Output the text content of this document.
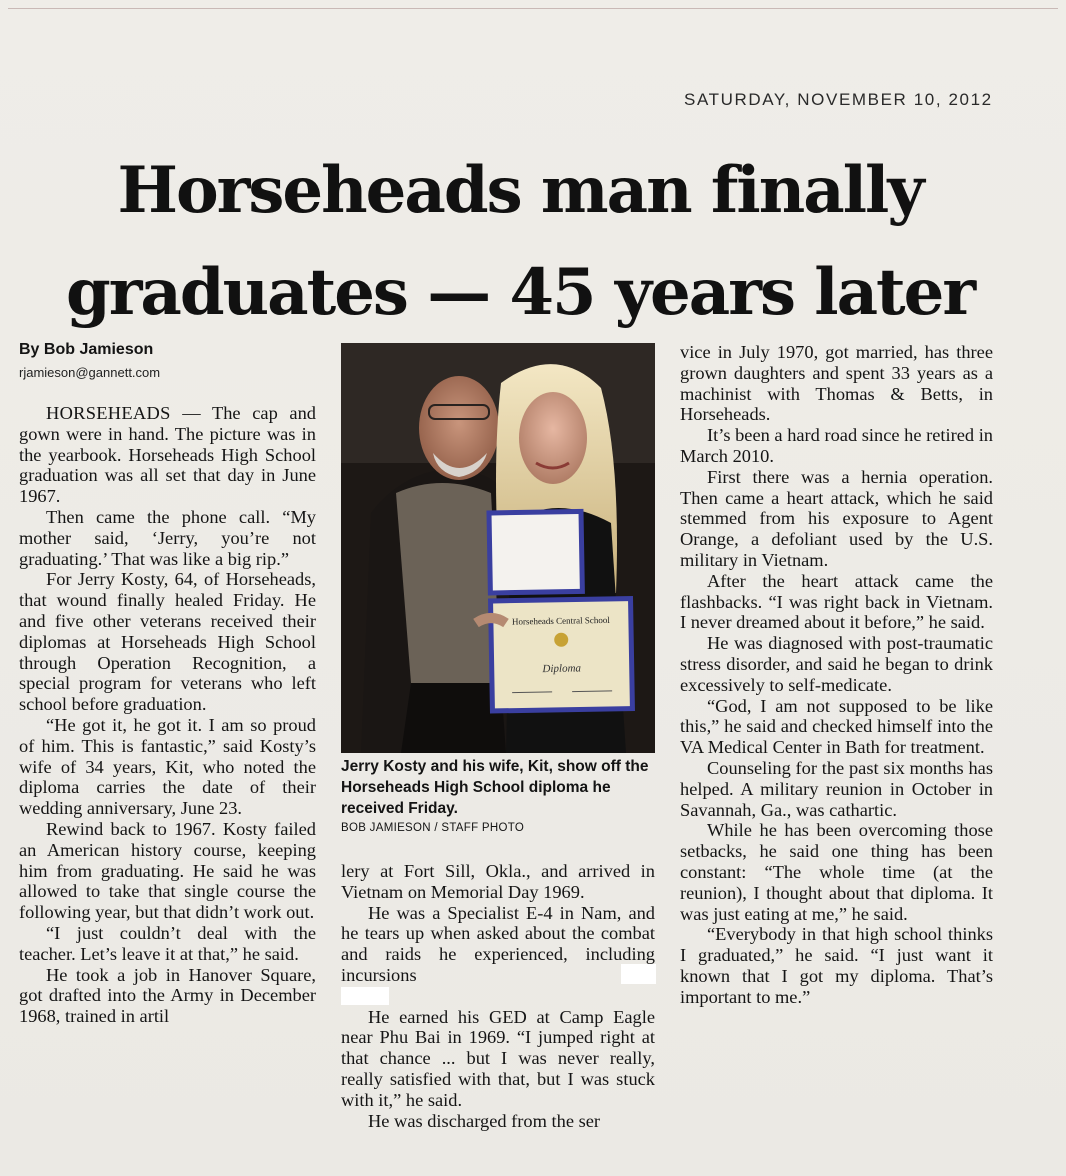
SATURDAY, NOVEMBER 10, 2012
Horseheads man finally
graduates — 45 years later
By Bob Jamieson
rjamieson@gannett.com

HORSEHEADS — The cap and gown were in hand. The picture was in the yearbook. Horseheads High School graduation was all set that day in June 1967.

Then came the phone call. “My mother said, ‘Jerry, you’re not graduating.’ That was like a big rip.”

For Jerry Kosty, 64, of Horseheads, that wound finally healed Friday. He and five other veterans received their diplomas at Horseheads High School through Operation Recognition, a special program for veterans who left school before graduation.

“He got it, he got it. I am so proud of him. This is fantastic,” said Kosty’s wife of 34 years, Kit, who noted the diploma carries the date of their wedding anniversary, June 23.

Rewind back to 1967. Kosty failed an American history course, keeping him from graduating. He said he was allowed to take that single course the following year, but that didn’t work out.

“I just couldn’t deal with the teacher. Let’s leave it at that,” he said.

He took a job in Hanover Square, got drafted into the Army in December 1968, trained in artil

Horseheads Central School
Diploma
Jerry Kosty and his wife, Kit, show off the Horseheads High School diploma he received Friday.
BOB JAMIESON / STAFF PHOTO

lery at Fort Sill, Okla., and arrived in Vietnam on Memorial Day 1969.

He was a Specialist E-4 in Nam, and he tears up when asked about the combat and raids he experienced, including incursions

He earned his GED at Camp Eagle near Phu Bai in 1969. “I jumped right at that chance ... but I was never really, really satisfied with that, but I was stuck with it,” he said.

He was discharged from the ser

vice in July 1970, got married, has three grown daughters and spent 33 years as a machinist with Thomas & Betts, in Horseheads.

It’s been a hard road since he retired in March 2010.

First there was a hernia operation. Then came a heart attack, which he said stemmed from his exposure to Agent Orange, a defoliant used by the U.S. military in Vietnam.

After the heart attack came the flashbacks. “I was right back in Vietnam. I never dreamed about it before,” he said.

He was diagnosed with post-traumatic stress disorder, and said he began to drink excessively to self-medicate.

“God, I am not supposed to be like this,” he said and checked himself into the VA Medical Center in Bath for treatment.

Counseling for the past six months has helped. A military reunion in October in Savannah, Ga., was cathartic.

While he has been overcoming those setbacks, he said one thing has been constant: “The whole time (at the reunion), I thought about that diploma. It was just eating at me,” he said.

“Everybody in that high school thinks I graduated,” he said. “I just want it known that I got my diploma. That’s important to me.”
